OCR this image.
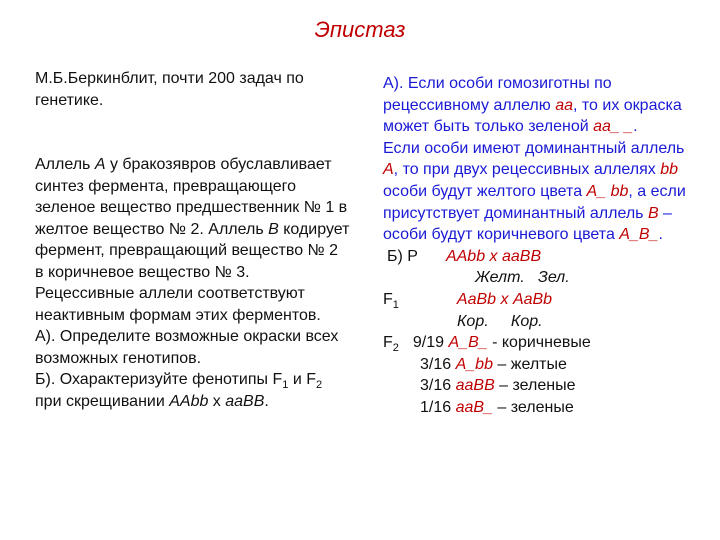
Эпистаз

М.Б.Беркинблит, почти 200 задач по генетике.

Аллель А у бракозявров обуславливает синтез фермента, превращающего зеленое вещество предшественник № 1 в желтое вещество № 2. Аллель В кодирует фермент, превращающий вещество № 2 в коричневое вещество № 3. Рецессивные аллели соответствуют неактивным формам этих ферментов.

А). Определите возможные окраски всех возможных генотипов.

Б). Охарактеризуйте фенотипы $F_1$ и $F_2$ при скрещивании ААbb х ааВВ.

А). Если особи гомозиготны по рецессивному аллелю аа, то их окраска может быть только зеленой аа_ _.

Если особи имеют доминантный аллель А, то при двух рецессивных аллелях bb особи будут желтого цвета А_ bb, а если присутствует доминантный аллель В – особи будут коричневого цвета А_В_.

Б) Р ААbb х ааВВ
Желт.   Зел.
$F_1$	АаВb х АаВb
Кор.     Кор.
$F_2$ 9/19 А_В_ - коричневые
3/16 А_bb – желтые
3/16 ааВВ – зеленые
1/16 ааВ_ – зеленые
